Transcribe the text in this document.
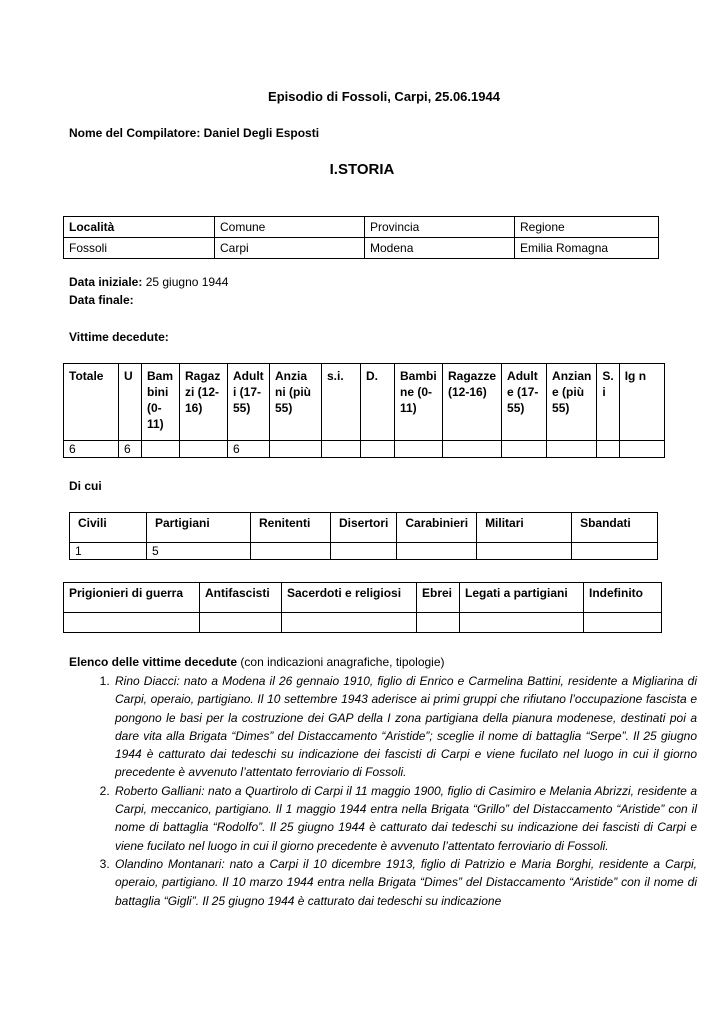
Episodio di Fossoli, Carpi, 25.06.1944
Nome del Compilatore: Daniel Degli Esposti
I.STORIA
Località	Comune	Provincia	Regione
Fossoli	Carpi	Modena	Emilia Romagna
Data iniziale: 25 giugno 1944
Data finale:
Vittime decedute:
Totale	U	Bam bini (0- 11)	Ragaz zi (12- 16)	Adult i (17- 55)	Anzia ni (più 55)	s.i.	D.	Bambi ne (0- 11)	Ragazze (12-16)	Adult e (17- 55)	Anzian e (più 55)	S. i	Ig n
6	6			6									
Di cui
Civili	Partigiani	Renitenti	Disertori	Carabinieri	Militari	Sbandati
1	5					
Prigionieri di guerra	Antifascisti	Sacerdoti e religiosi	Ebrei	Legati a partigiani	Indefinito

Elenco delle vittime decedute (con indicazioni anagrafiche, tipologie)
1. Rino Diacci: nato a Modena il 26 gennaio 1910, figlio di Enrico e Carmelina Battini, residente a Migliarina di Carpi, operaio, partigiano. Il 10 settembre 1943 aderisce ai primi gruppi che rifiutano l’occupazione fascista e pongono le basi per la costruzione dei GAP della I zona partigiana della pianura modenese, destinati poi a dare vita alla Brigata “Dimes” del Distaccamento “Aristide”; sceglie il nome di battaglia “Serpe”. Il 25 giugno 1944 è catturato dai tedeschi su indicazione dei fascisti di Carpi e viene fucilato nel luogo in cui il giorno precedente è avvenuto l’attentato ferroviario di Fossoli.
2. Roberto Galliani: nato a Quartirolo di Carpi il 11 maggio 1900, figlio di Casimiro e Melania Abrizzi, residente a Carpi, meccanico, partigiano. Il 1 maggio 1944 entra nella Brigata “Grillo” del Distaccamento “Aristide” con il nome di battaglia “Rodolfo”. Il 25 giugno 1944 è catturato dai tedeschi su indicazione dei fascisti di Carpi e viene fucilato nel luogo in cui il giorno precedente è avvenuto l’attentato ferroviario di Fossoli.
3. Olandino Montanari: nato a Carpi il 10 dicembre 1913, figlio di Patrizio e Maria Borghi, residente a Carpi, operaio, partigiano. Il 10 marzo 1944 entra nella Brigata “Dimes” del Distaccamento “Aristide” con il nome di battaglia “Gigli”. Il 25 giugno 1944 è catturato dai tedeschi su indicazione
